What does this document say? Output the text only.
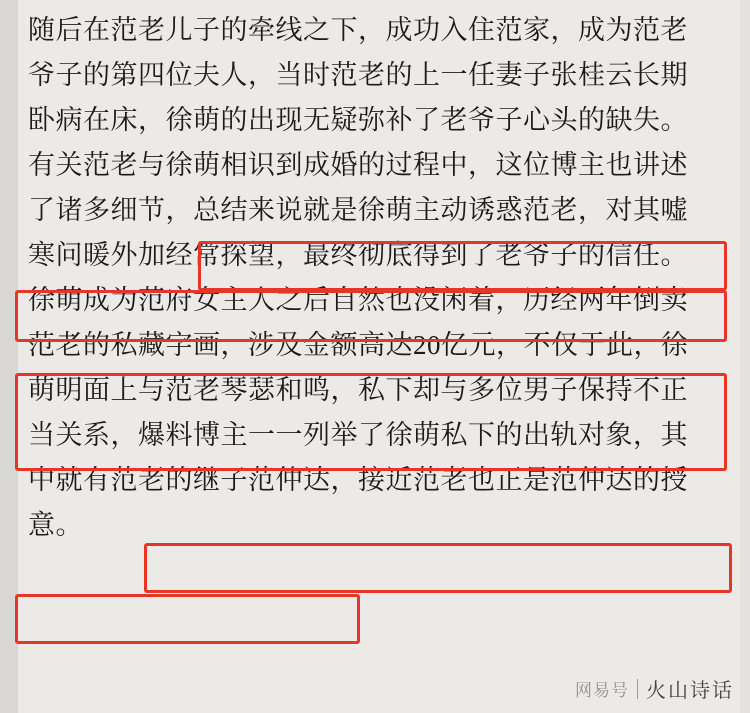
随后在范老儿子的牵线之下，成功入住范家，成为范老
爷子的第四位夫人，当时范老的上一任妻子张桂云长期
卧病在床，徐萌的出现无疑弥补了老爷子心头的缺失。
有关范老与徐萌相识到成婚的过程中，这位博主也讲述
了诸多细节，总结来说就是徐萌主动诱惑范老，对其嘘
寒问暖外加经常探望，最终彻底得到了老爷子的信任。
徐萌成为范府女主人之后自然也没闲着，历经两年倒卖
范老的私藏字画，涉及金额高达20亿元，不仅于此，徐
萌明面上与范老琴瑟和鸣，私下却与多位男子保持不正
当关系，爆料博主一一列举了徐萌私下的出轨对象，其
中就有范老的继子范仲达，接近范老也正是范仲达的授
意。

网易号 火山诗话
